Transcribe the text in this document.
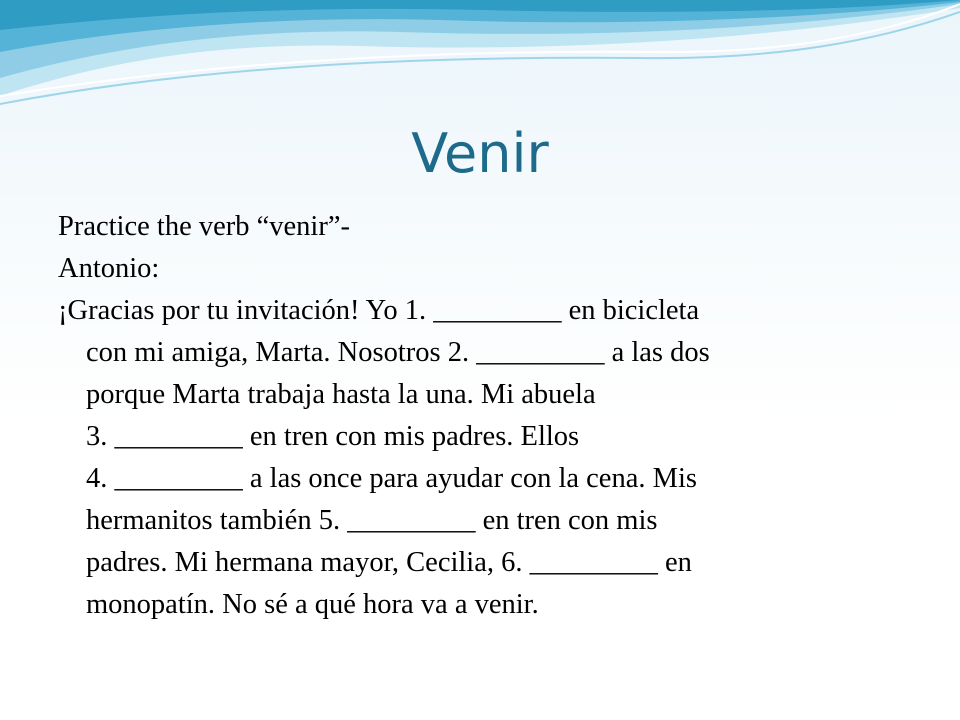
Venir
Practice the verb “venir”-
Antonio:
¡Gracias por tu invitación! Yo 1. _________ en bicicleta
con mi amiga, Marta. Nosotros 2. _________ a las dos
porque Marta trabaja hasta la una. Mi abuela
3. _________ en tren con mis padres. Ellos
4. _________ a las once para ayudar con la cena. Mis
hermanitos también 5. _________ en tren con mis
padres. Mi hermana mayor, Cecilia, 6. _________ en
monopatín. No sé a qué hora va a venir.
